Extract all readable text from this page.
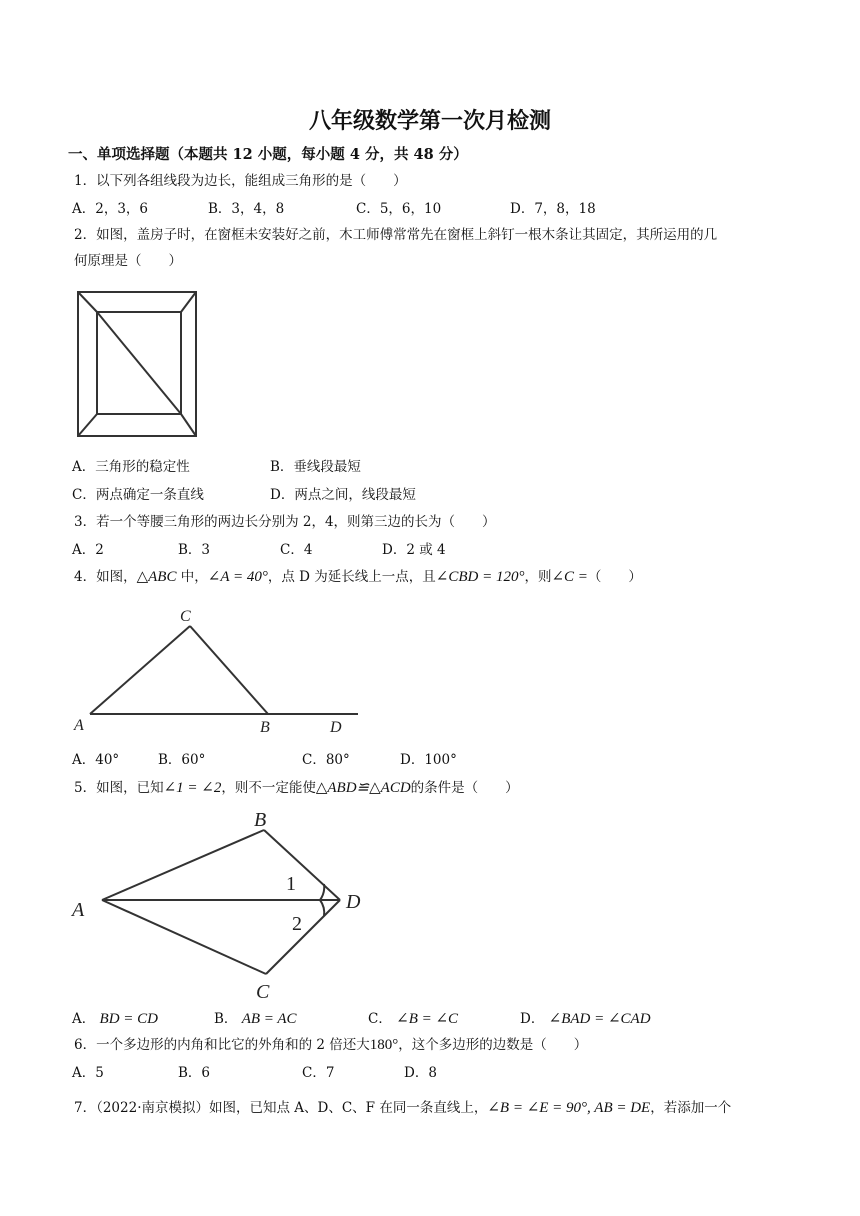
八年级数学第一次月检测
一、单项选择题（本题共 12 小题，每小题 4 分，共 48 分）
1．以下列各组线段为边长，能组成三角形的是（　　）
A．2，3，6	B．3，4，8	C．5，6，10	D．7，8，18
2．如图，盖房子时，在窗框未安装好之前，木工师傅常常先在窗框上斜钉一根木条让其固定，其所运用的几
何原理是（　　）
A．三角形的稳定性	B．垂线段最短
C．两点确定一条直线	D．两点之间，线段最短
3．若一个等腰三角形的两边长分别为 2，4，则第三边的长为（　　）
A．2	B．3	C．4	D．2 或 4
4．如图，△ABC 中，∠A = 40°，点 D 为延长线上一点，且∠CBD = 120°，则∠C =（　　）
C
A	B	D
A．40°	B．60°	C．80°	D．100°
5．如图，已知∠1 = ∠2，则不一定能使△ABD≌△ACD的条件是（　　）
B
A	D
C
1
2
A． BD = CD	B． AB = AC	C． ∠B = ∠C	D． ∠BAD = ∠CAD
6．一个多边形的内角和比它的外角和的 2 倍还大180°，这个多边形的边数是（　　）
A．5	B．6	C．7	D．8
7．（2022·南京模拟）如图，已知点 A、D、C、F 在同一条直线上，∠B = ∠E = 90°, AB = DE，若添加一个
